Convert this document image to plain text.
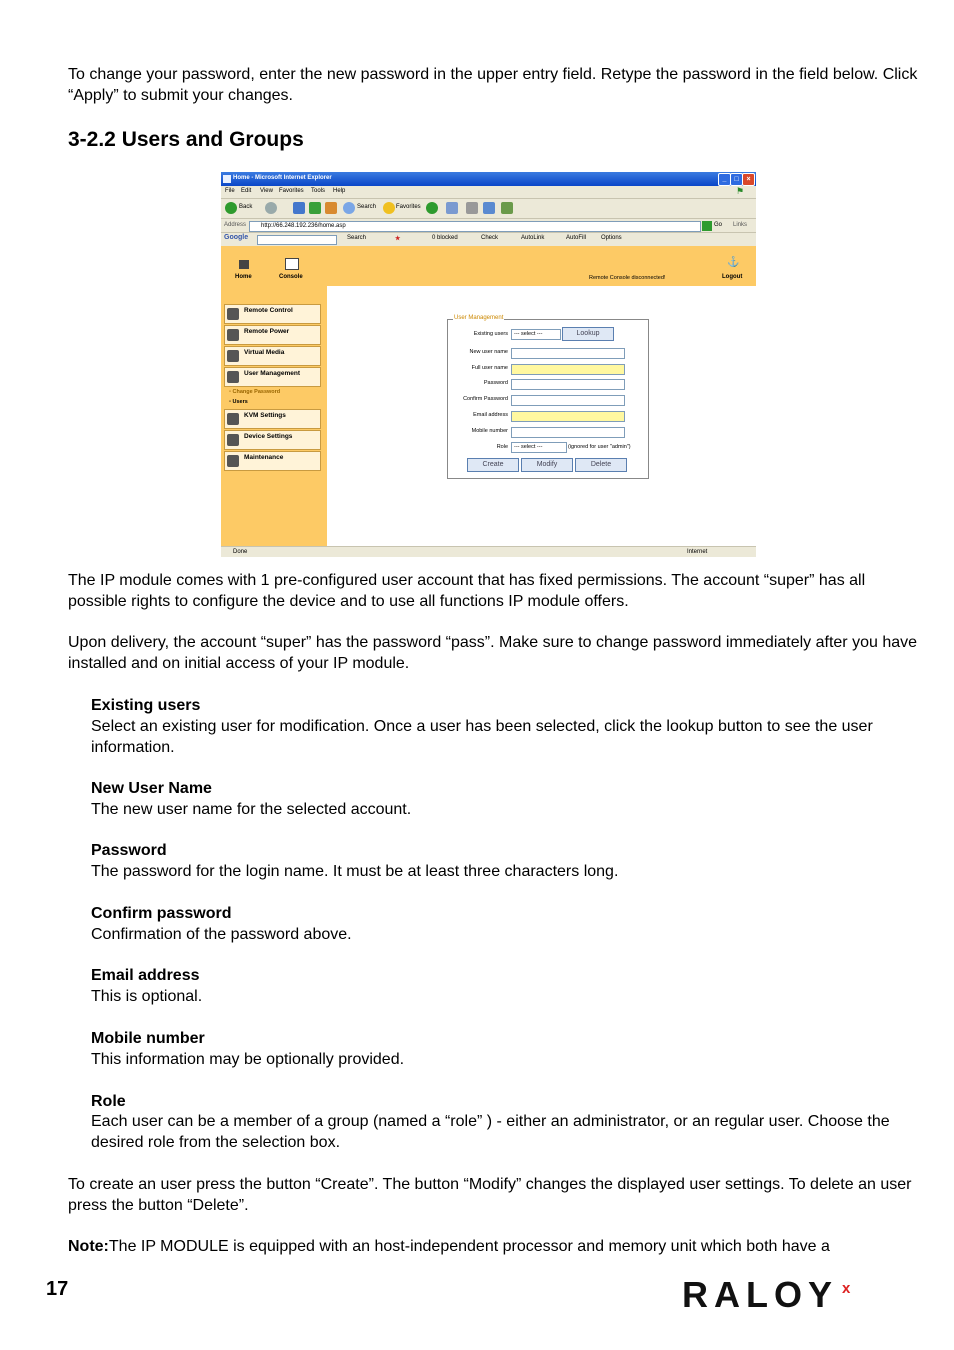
To change your password, enter the new password in the upper entry field. Retype the password in the field below. Click “Apply” to submit your changes.

3-2.2 Users and Groups
Home - Microsoft Internet Explorer	_	□	×
File Edit View Favorites Tools Help	⚑
Back	Search	Favorites
Address http://66.248.192.236/home.asp	Go Links
Google	Search	★	0 blocked	Check	AutoLink	AutoFill Options
Home	Console	Remote Console disconnected!
⚓
Logout
Remote Control
Remote Power
Virtual Media
User Management
▫ Change Password
▫ Users
KVM Settings
Device Settings
Maintenance
User Management
Existing users	--- select ---	Lookup
New user name
Full user name
Password
Confirm Password
Email address
Mobile number
Role	--- select ---	(ignored for user "admin")
Create	Modify	Delete
Done	Internet

The IP module comes with 1 pre-configured user account that has fixed permissions. The account “super” has all possible rights to configure the device and to use all functions IP module offers.

Upon delivery, the account “super” has the password “pass”. Make sure to change password immediately after you have installed and on initial access of your IP module.

Existing users
Select an existing user for modification. Once a user has been selected, click the lookup button to see the user information.
New User Name
The new user name for the selected account.
Password
The password for the login name. It must be at least three characters long.
Confirm password
Confirmation of the password above.
Email address
This is optional.
Mobile number
This information may be optionally provided.
Role
Each user can be a member of a group (named a “role” ) - either an administrator, or an regular user. Choose the desired role from the selection box.

To create an user press the button “Create”. The button “Modify” changes the displayed user settings. To delete an user press the button “Delete”.

Note:The IP MODULE is equipped with an host-independent processor and memory unit which both have a

17	RALOY x
